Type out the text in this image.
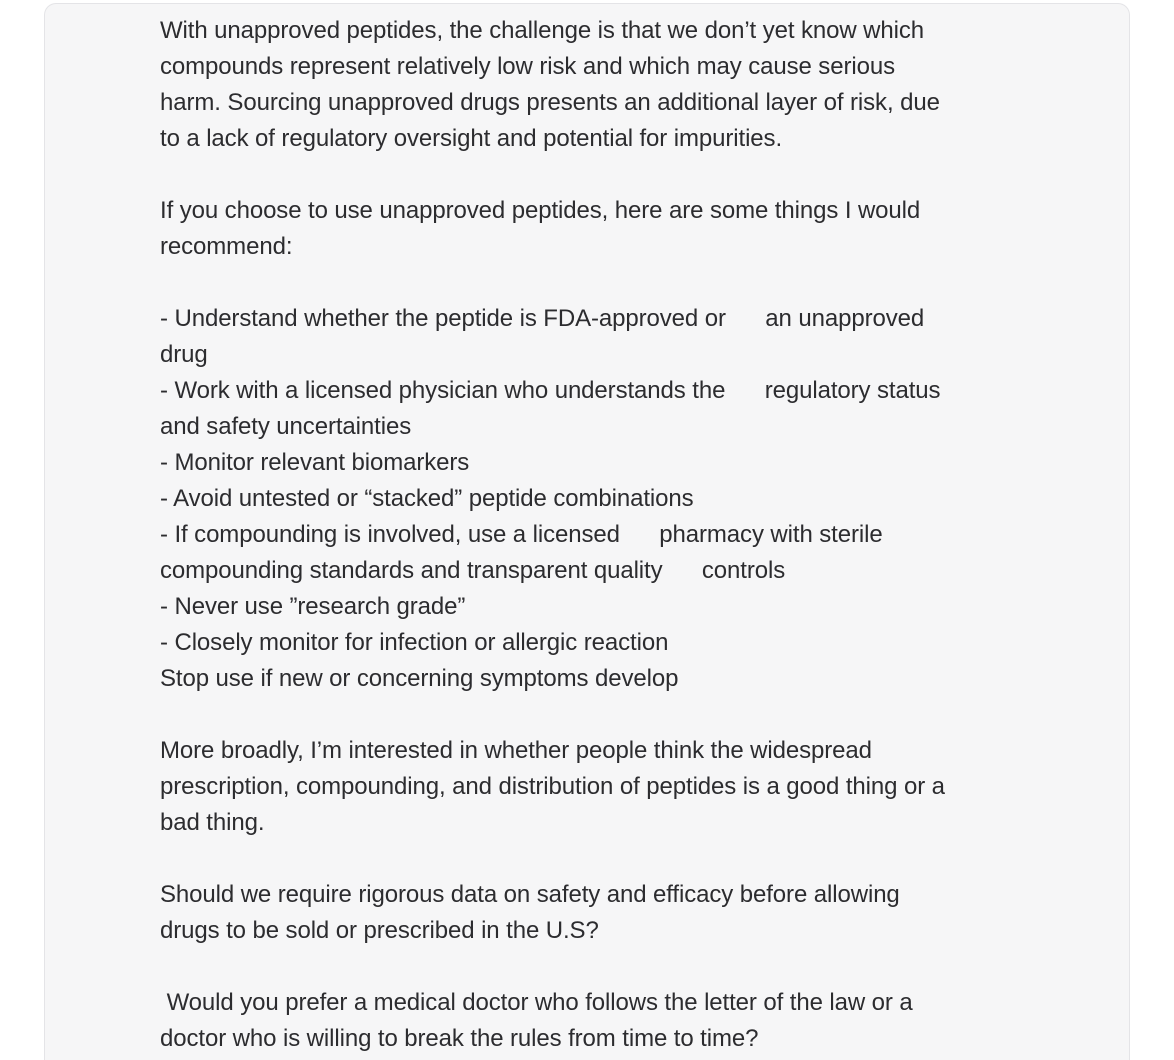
With unapproved peptides, the challenge is that we don’t yet know which
compounds represent relatively low risk and which may cause serious
harm. Sourcing unapproved drugs presents an additional layer of risk, due
to a lack of regulatory oversight and potential for impurities.
If you choose to use unapproved peptides, here are some things I would
recommend:
- Understand whether the peptide is FDA-approved or      an unapproved
drug
- Work with a licensed physician who understands the      regulatory status
and safety uncertainties
- Monitor relevant biomarkers
- Avoid untested or “stacked” peptide combinations
- If compounding is involved, use a licensed      pharmacy with sterile
compounding standards and transparent quality      controls
- Never use ”research grade”
- Closely monitor for infection or allergic reaction
Stop use if new or concerning symptoms develop
More broadly, I’m interested in whether people think the widespread
prescription, compounding, and distribution of peptides is a good thing or a
bad thing.
Should we require rigorous data on safety and efficacy before allowing
drugs to be sold or prescribed in the U.S?
Would you prefer a medical doctor who follows the letter of the law or a
doctor who is willing to break the rules from time to time?
